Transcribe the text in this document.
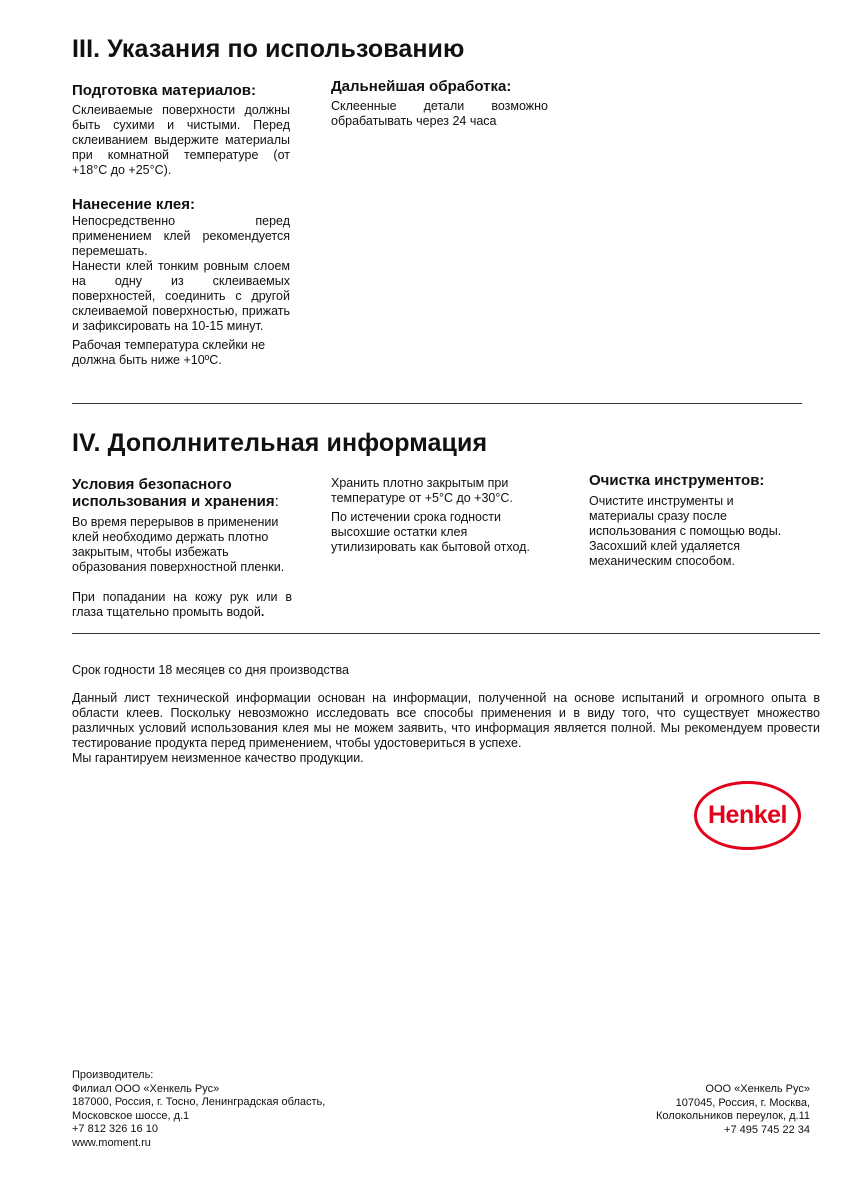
III. Указания по использованию
Подготовка материалов:

Склеиваемые поверхности должны быть сухими и чистыми. Перед склеиванием выдержите материалы при комнатной температуре (от +18°C до +25°C).

Нанесение клея:

Непосредственно перед применением клей рекомендуется перемешать.

Нанести клей тонким ровным слоем на одну из склеиваемых поверхностей, соединить с другой склеиваемой поверхностью, прижать и зафиксировать на 10-15 минут.

Рабочая температура склейки не должна быть ниже +10ºC.

Дальнейшая обработка:

Склеенные детали возможно обрабатывать через 24 часа

IV. Дополнительная информация
Условия безопасного использования и хранения:

Во время перерывов в применении клей необходимо держать плотно закрытым, чтобы избежать образования поверхностной пленки.

При попадании на кожу рук или в глаза тщательно промыть водой.

Хранить плотно закрытым при температуре от +5°C до +30°C.

По истечении срока годности высохшие остатки клея утилизировать как бытовой отход.

Очистка инструментов:

Очистите инструменты и материалы сразу после использования с помощью воды. Засохший клей удаляется механическим способом.

Срок годности 18 месяцев со дня производства

Данный лист технической информации основан на информации, полученной на основе испытаний и огромного опыта в области клеев. Поскольку невозможно исследовать все способы применения и в виду того, что существует множество различных условий использования клея мы не можем заявить, что информация является полной. Мы рекомендуем провести тестирование продукта перед применением, чтобы удостовериться в успехе.

Мы гарантируем неизменное качество продукции.

Henkel
Производитель:
Филиал ООО «Хенкель Рус»
187000, Россия, г. Тосно, Ленинградская область,
Московское шоссе, д.1
+7 812 326 16 10
www.moment.ru
ООО «Хенкель Рус»
107045, Россия, г. Москва,
Колокольников переулок, д.11
+7 495 745 22 34
